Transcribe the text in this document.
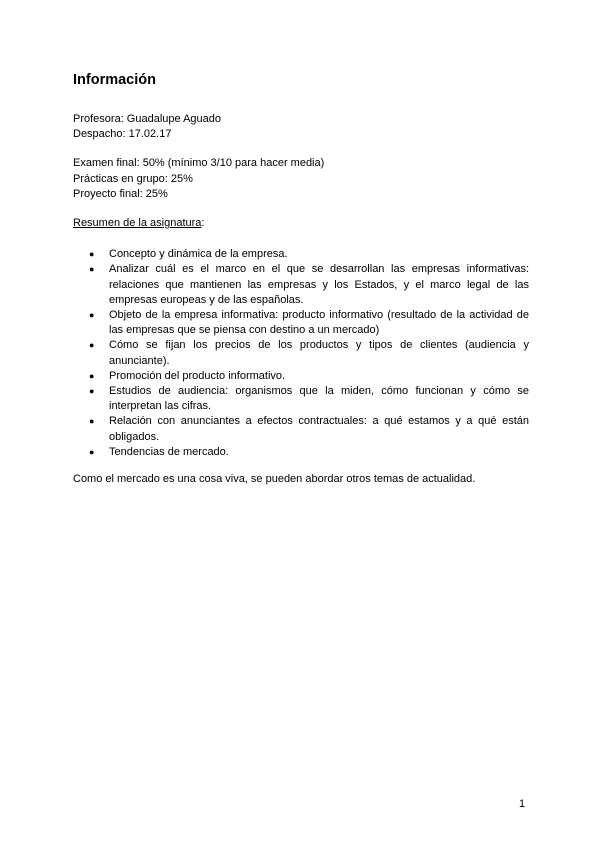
Información

Profesora: Guadalupe Aguado

Despacho: 17.02.17

Examen final: 50% (mínimo 3/10 para hacer media)

Prácticas en grupo: 25%

Proyecto final: 25%

Resumen de la asignatura:

● Concepto y dinámica de la empresa.
● Analizar cuál es el marco en el que se desarrollan las empresas informativas: relaciones que mantienen las empresas y los Estados, y el marco legal de las empresas europeas y de las españolas.
● Objeto de la empresa informativa: producto informativo (resultado de la actividad de las empresas que se piensa con destino a un mercado)
● Cómo se fijan los precios de los productos y tipos de clientes (audiencia y anunciante).
● Promoción del producto informativo.
● Estudios de audiencia: organismos que la miden, cómo funcionan y cómo se interpretan las cifras.
● Relación con anunciantes a efectos contractuales: a qué estamos y a qué están obligados.
● Tendencias de mercado.

Como el mercado es una cosa viva, se pueden abordar otros temas de actualidad.

1
